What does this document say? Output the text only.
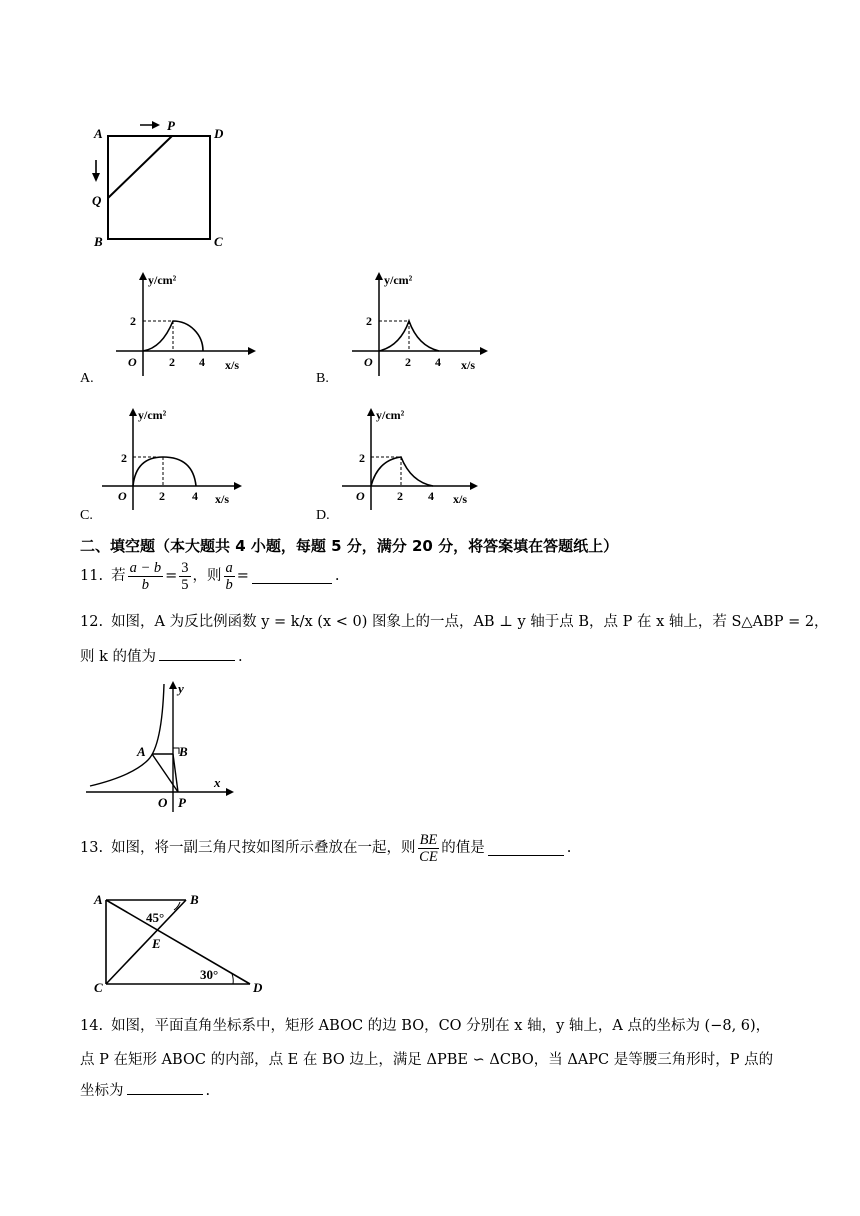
A
P
D
Q
B	C
y/cm²
2
O	2 4 x/s
A.
y/cm²
2
O	2 4 x/s
B.
y/cm²
2
O	2 4 x/s
C.
y/cm²
2
O	2 4 x/s
D.
二、填空题（本大题共 4 小题，每题 5 分，满分 20 分，将答案填在答题纸上）
11. 若 $\frac{a - b}{b} = \frac{3}{5}$ ，则 $\frac{a}{b}$ =	.
12. 如图，A 为反比例函数 y = k/x (x < 0) 图象上的一点，AB ⊥ y 轴于点 B，点 P 在 x 轴上，若 S△ABP = 2，
则 k 的值为	.
y
A	B
x
O P
13. 如图，将一副三角尺按如图所示叠放在一起，则 $\frac{BE}{CE}$ 的值是	.
A	B
45°
E
30°
C	D
14. 如图，平面直角坐标系中，矩形 ABOC 的边 BO，CO 分别在 x 轴，y 轴上，A 点的坐标为 (−8, 6)，
点 P 在矩形 ABOC 的内部，点 E 在 BO 边上，满足 ΔPBE ∽ ΔCBO，当 ΔAPC 是等腰三角形时，P 点的
坐标为	.
